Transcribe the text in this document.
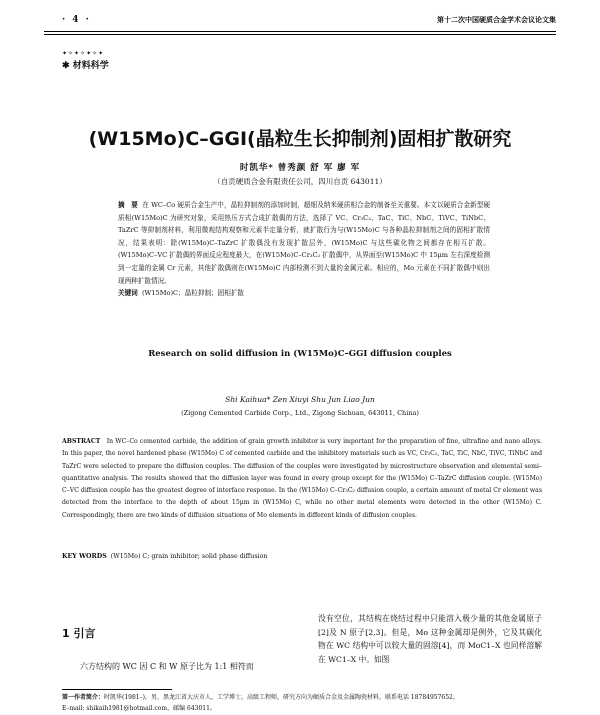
· 4 ·	第十二次中国硬质合金学术会议论文集
✦✧✦✧✦✧✦
✱ 材料科学
(W15Mo)C–GGI(晶粒生长抑制剂)固相扩散研究
时凯华* 曾秀颜 舒 军 廖 军
（自贡硬质合金有限责任公司，四川自贡 643011）
摘　要 在 WC–Co 硬质合金生产中，晶粒抑制剂的添加时制，超细及纳米硬质相合金的制备至关重要。本文以硬质合金新型硬质相(W15Mo)C 为研究对象，采用热压方式合成扩散偶的方法，选择了 VC、Cr₃C₂、TaC、TiC、NbC、TiVC、TiNbC、TaZrC 等抑制剂材料，利用微观结构观察和元素半定量分析，就扩散行为与(W15Mo)C 与各种晶粒抑制剂之间的固相扩散情况，结果表明：除(W15Mo)C–TaZrC 扩散偶没有发现扩散层外，(W15Mo)C 与这些碳化物之间都存在相互扩散。(W15Mo)C–VC 扩散偶的界面反应程度最大，在(W15Mo)C–Cr₃C₂ 扩散偶中，从界面至(W15Mo)C 中 15μm 左右深度检测到一定量的金属 Cr 元素，其他扩散偶则在(W15Mo)C 内部检测不到大量的金属元素。相应的，Mo 元素在不同扩散偶中则出现两种扩散情况。
关键词 (W15Mo)C；晶粒抑制；固相扩散
Research on solid diffusion in (W15Mo)C–GGI diffusion couples
Shi Kaihua* Zen Xiuyi Shu Jun Liao Jun
(Zigong Cemented Carbide Corp., Ltd., Zigong Sichuan, 643011, China)
ABSTRACT In WC–Co cemented carbide, the addition of grain growth inhibitor is very important for the preparation of fine, ultrafine and nano alloys. In this paper, the novel hardened phase (W15Mo) C of cemented carbide and the inhibitory materials such as VC, Cr₃C₂, TaC, TiC, NbC, TiVC, TiNbC and TaZrC were selected to prepare the diffusion couples. The diffusion of the couples were investigated by microstructure observation and elemental semi–quantitative analysis. The results showed that the diffusion layer was found in every group except for the (W15Mo) C–TaZrC diffusion couple. (W15Mo) C–VC diffusion couple has the greatest degree of interface response. In the (W15Mo) C–Cr₃C₂ diffusion couple, a certain amount of metal Cr element was detected from the interface to the depth of about 15μm in (W15Mo) C, while no other metal elements were detected in the other (W15Mo) C. Correspondingly, there are two kinds of diffusion situations of Mo elements in different kinds of diffusion couples.
KEY WORDS (W15Mo) C; grain inhibitor; solid phase diffusion
1 引言
六方结构的 WC 因 C 和 W 原子比为 1:1 相符而
没有空位，其结构在烧结过程中只能溶入极少量的其他金属原子[2]及 N 原子[2,3]。但是，Mo 这种金属却是例外，它及其碳化物在 WC 结构中可以较大量的固溶[4]，而 MoC1–X 也同样溶解在 WC1–X 中。如图
第一作者简介：时凯华(1981–)，男，黑龙江省大庆市人，工学博士，高级工程师，研究方向为硬质合金及金属陶瓷材料，联系电话 18784957652。
E–mail: shikaih1981@hotmail.com，邮编 643011。
